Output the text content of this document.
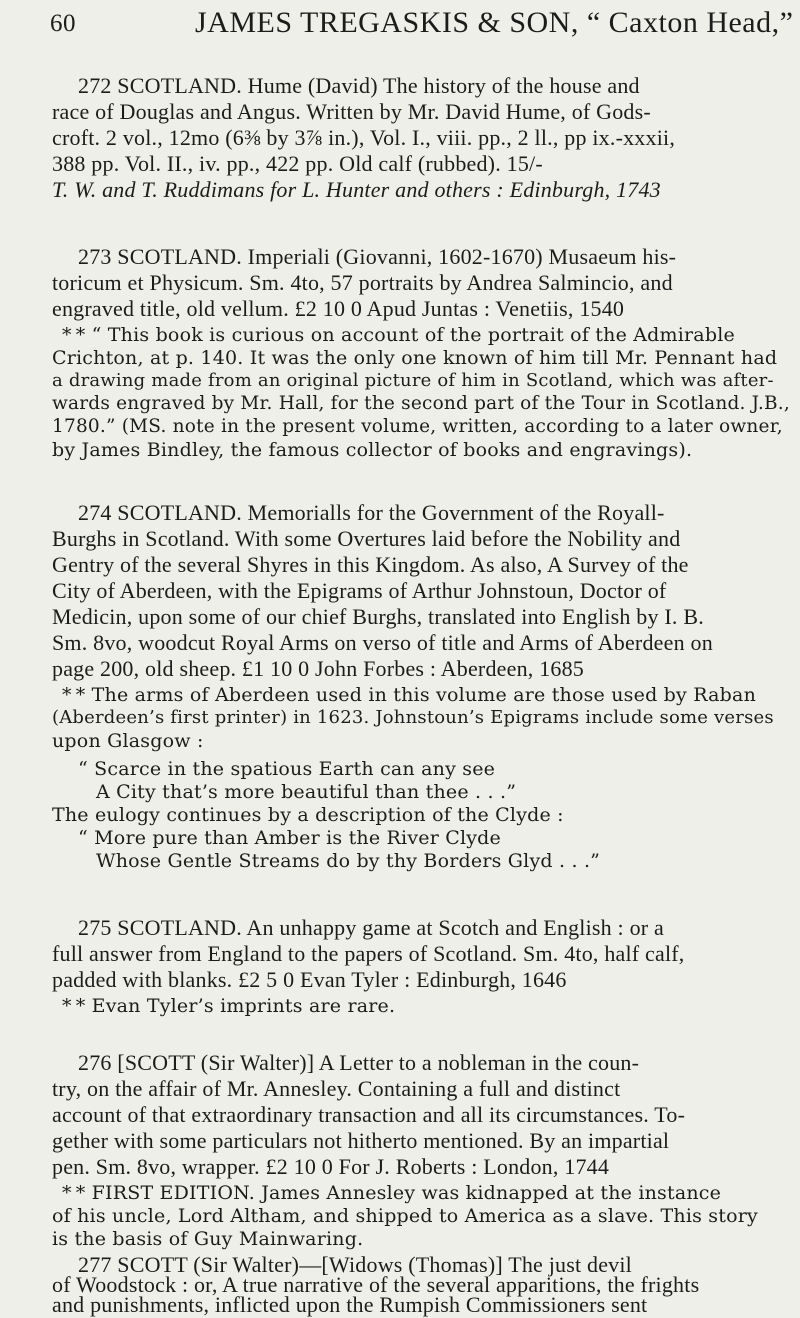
60	JAMES TREGASKIS & SON, “ Caxton Head,”
272 SCOTLAND. Hume (David) The history of the house and
race of Douglas and Angus. Written by Mr. David Hume, of Gods-
croft. 2 vol., 12mo (6⅜ by 3⅞ in.), Vol. I., viii. pp., 2 ll., pp ix.-xxxii,
388 pp. Vol. II., iv. pp., 422 pp. Old calf (rubbed). 15/-
T. W. and T. Ruddimans for L. Hunter and others : Edinburgh, 1743
273 SCOTLAND. Imperiali (Giovanni, 1602-1670) Musaeum his-
toricum et Physicum. Sm. 4to, 57 portraits by Andrea Salmincio, and
engraved title, old vellum. £2 10 0 Apud Juntas : Venetiis, 1540
* * “ This book is curious on account of the portrait of the Admirable
Crichton, at p. 140. It was the only one known of him till Mr. Pennant had
a drawing made from an original picture of him in Scotland, which was after-
wards engraved by Mr. Hall, for the second part of the Tour in Scotland. J.B.,
1780.” (MS. note in the present volume, written, according to a later owner,
by James Bindley, the famous collector of books and engravings).
274 SCOTLAND. Memorialls for the Government of the Royall-
Burghs in Scotland. With some Overtures laid before the Nobility and
Gentry of the several Shyres in this Kingdom. As also, A Survey of the
City of Aberdeen, with the Epigrams of Arthur Johnstoun, Doctor of
Medicin, upon some of our chief Burghs, translated into English by I. B.
Sm. 8vo, woodcut Royal Arms on verso of title and Arms of Aberdeen on
page 200, old sheep. £1 10 0 John Forbes : Aberdeen, 1685
* * The arms of Aberdeen used in this volume are those used by Raban
(Aberdeen’s first printer) in 1623. Johnstoun’s Epigrams include some verses
upon Glasgow :
“ Scarce in the spatious Earth can any see
A City that’s more beautiful than thee . . .”
The eulogy continues by a description of the Clyde :
“ More pure than Amber is the River Clyde
Whose Gentle Streams do by thy Borders Glyd . . .”
275 SCOTLAND. An unhappy game at Scotch and English : or a
full answer from England to the papers of Scotland. Sm. 4to, half calf,
padded with blanks. £2 5 0 Evan Tyler : Edinburgh, 1646
* * Evan Tyler’s imprints are rare.
276 [SCOTT (Sir Walter)] A Letter to a nobleman in the coun-
try, on the affair of Mr. Annesley. Containing a full and distinct
account of that extraordinary transaction and all its circumstances. To-
gether with some particulars not hitherto mentioned. By an impartial
pen. Sm. 8vo, wrapper. £2 10 0 For J. Roberts : London, 1744
* * FIRST EDITION. James Annesley was kidnapped at the instance
of his uncle, Lord Altham, and shipped to America as a slave. This story
is the basis of Guy Mainwaring.
277 SCOTT (Sir Walter)—[Widows (Thomas)] The just devil
of Woodstock : or, A true narrative of the several apparitions, the frights
and punishments, inflicted upon the Rumpish Commissioners sent
